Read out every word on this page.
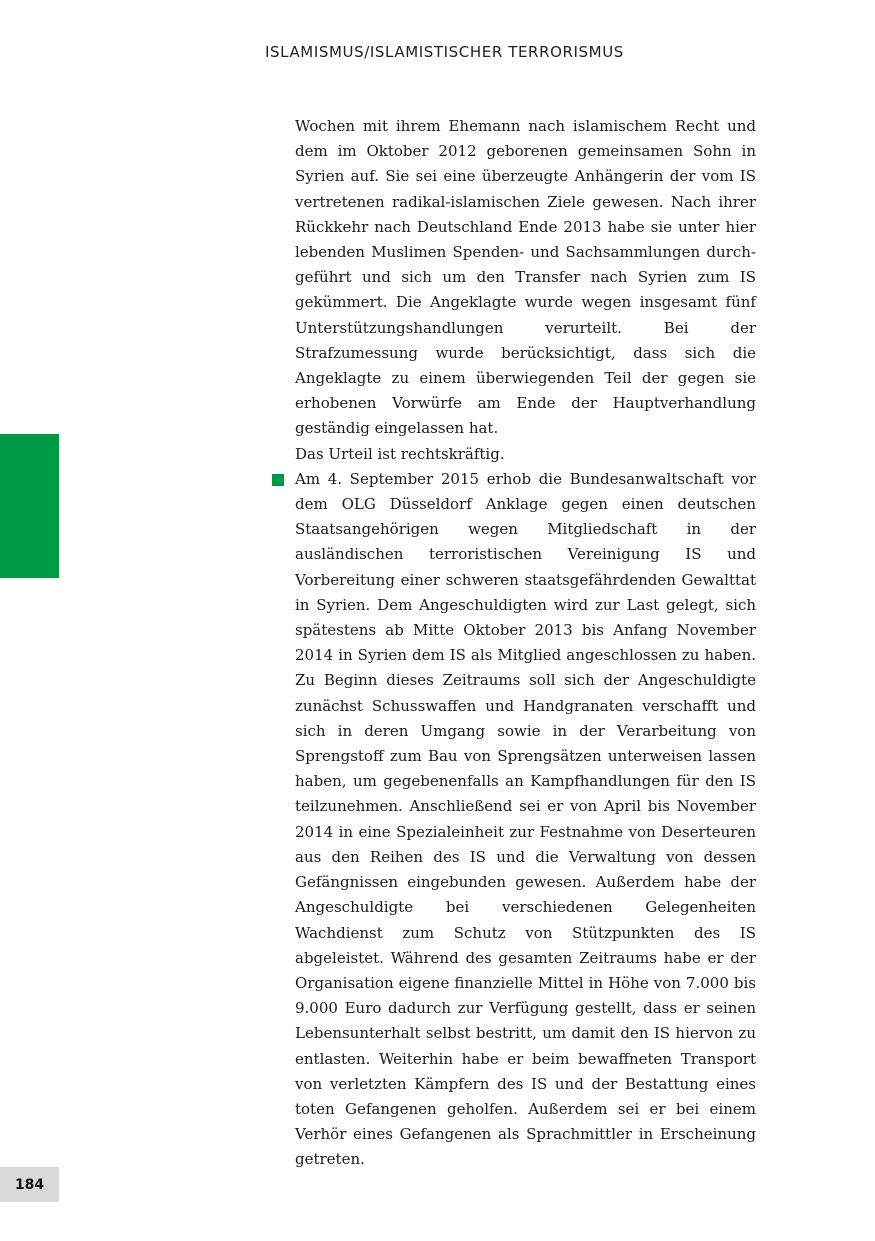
ISLAMISMUS/ISLAMISTISCHER TERRORISMUS

Wochen mit ihrem Ehemann nach islamischem Recht und dem im Oktober 2012 geborenen gemeinsamen Sohn in Syrien auf. Sie sei eine überzeugte Anhängerin der vom IS vertretenen radikal-islamischen Ziele gewesen. Nach ihrer Rückkehr nach Deutschland Ende 2013 habe sie unter hier lebenden Muslimen Spenden- und Sachsammlungen durchgeführt und sich um den Transfer nach Syrien zum IS gekümmert. Die Angeklagte wurde wegen insgesamt fünf Unterstützungshandlungen verurteilt. Bei der Strafzumessung wurde berücksichtigt, dass sich die Angeklagte zu einem überwiegenden Teil der gegen sie erhobenen Vorwürfe am Ende der Hauptverhandlung geständig eingelassen hat.

Das Urteil ist rechtskräftig.

Am 4. September 2015 erhob die Bundesanwaltschaft vor dem OLG Düsseldorf Anklage gegen einen deutschen Staatsangehörigen wegen Mitgliedschaft in der ausländischen terroristischen Vereinigung IS und Vorbereitung einer schweren staatsgefährdenden Gewalttat in Syrien. Dem Angeschuldigten wird zur Last gelegt, sich spätestens ab Mitte Oktober 2013 bis Anfang November 2014 in Syrien dem IS als Mitglied angeschlossen zu haben. Zu Beginn dieses Zeitraums soll sich der Angeschuldigte zunächst Schusswaffen und Handgranaten verschafft und sich in deren Umgang sowie in der Verarbeitung von Sprengstoff zum Bau von Sprengsätzen unterweisen lassen haben, um gegebenenfalls an Kampfhandlungen für den IS teilzunehmen. Anschließend sei er von April bis November 2014 in eine Spezialeinheit zur Festnahme von Deserteuren aus den Reihen des IS und die Verwaltung von dessen Gefängnissen eingebunden gewesen. Außerdem habe der Angeschuldigte bei verschiedenen Gelegenheiten Wachdienst zum Schutz von Stützpunkten des IS abgeleistet. Während des gesamten Zeitraums habe er der Organisation eigene finanzielle Mittel in Höhe von 7.000 bis 9.000 Euro dadurch zur Verfügung gestellt, dass er seinen Lebensunterhalt selbst bestritt, um damit den IS hiervon zu entlasten. Weiterhin habe er beim bewaffneten Transport von verletzten Kämpfern des IS und der Bestattung eines toten Gefangenen geholfen. Außerdem sei er bei einem Verhör eines Gefangenen als Sprachmittler in Erscheinung getreten.

184
